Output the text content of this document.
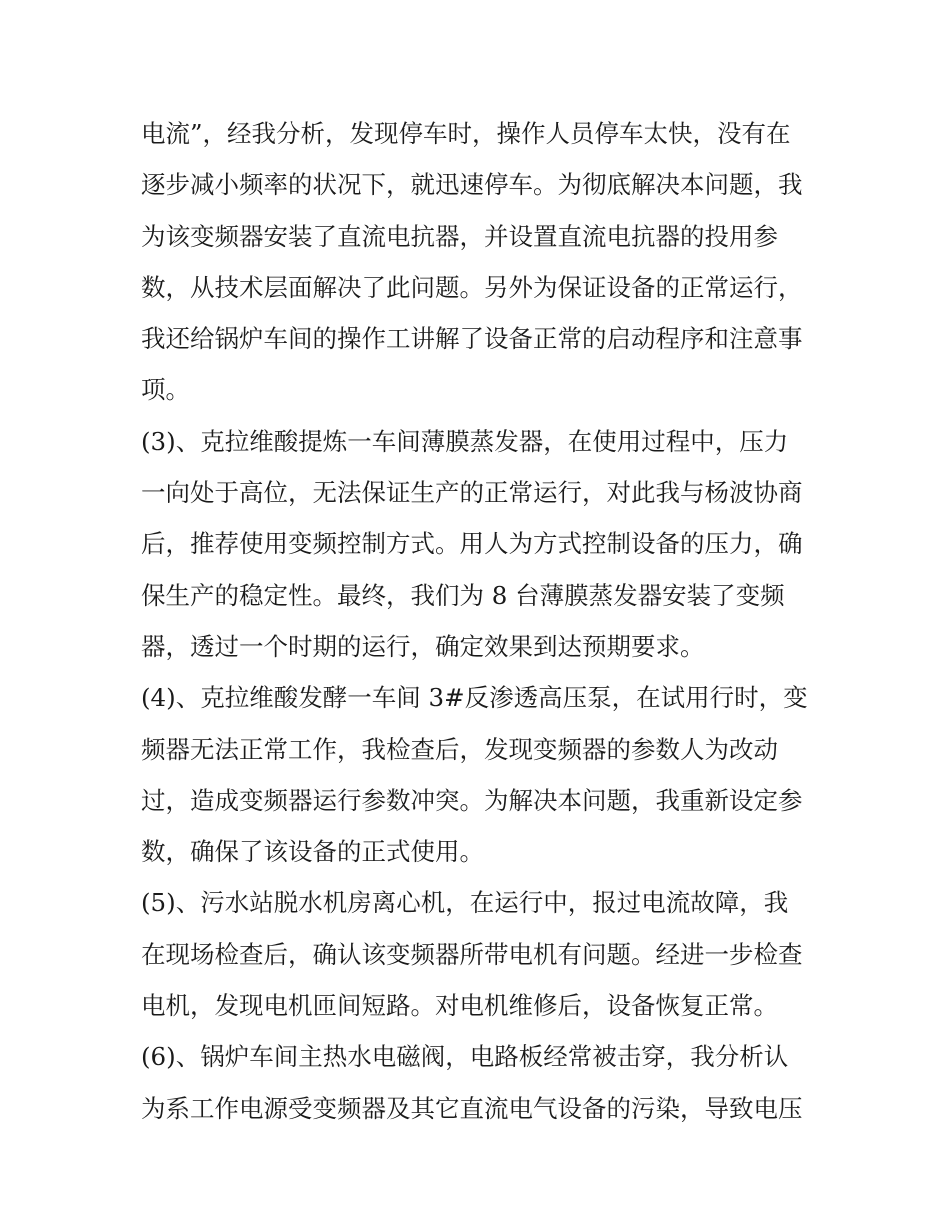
电流”，经我分析，发现停车时，操作人员停车太快，没有在
逐步减小频率的状况下，就迅速停车。为彻底解决本问题，我
为该变频器安装了直流电抗器，并设置直流电抗器的投用参
数，从技术层面解决了此问题。另外为保证设备的正常运行，
我还给锅炉车间的操作工讲解了设备正常的启动程序和注意事
项。
(3)、克拉维酸提炼一车间薄膜蒸发器，在使用过程中，压力
一向处于高位，无法保证生产的正常运行，对此我与杨波协商
后，推荐使用变频控制方式。用人为方式控制设备的压力，确
保生产的稳定性。最终，我们为 8 台薄膜蒸发器安装了变频
器，透过一个时期的运行，确定效果到达预期要求。
(4)、克拉维酸发酵一车间 3#反渗透高压泵，在试用行时，变
频器无法正常工作，我检查后，发现变频器的参数人为改动
过，造成变频器运行参数冲突。为解决本问题，我重新设定参
数，确保了该设备的正式使用。
(5)、污水站脱水机房离心机，在运行中，报过电流故障，我
在现场检查后，确认该变频器所带电机有问题。经进一步检查
电机，发现电机匝间短路。对电机维修后，设备恢复正常。
(6)、锅炉车间主热水电磁阀，电路板经常被击穿，我分析认
为系工作电源受变频器及其它直流电气设备的污染，导致电压
